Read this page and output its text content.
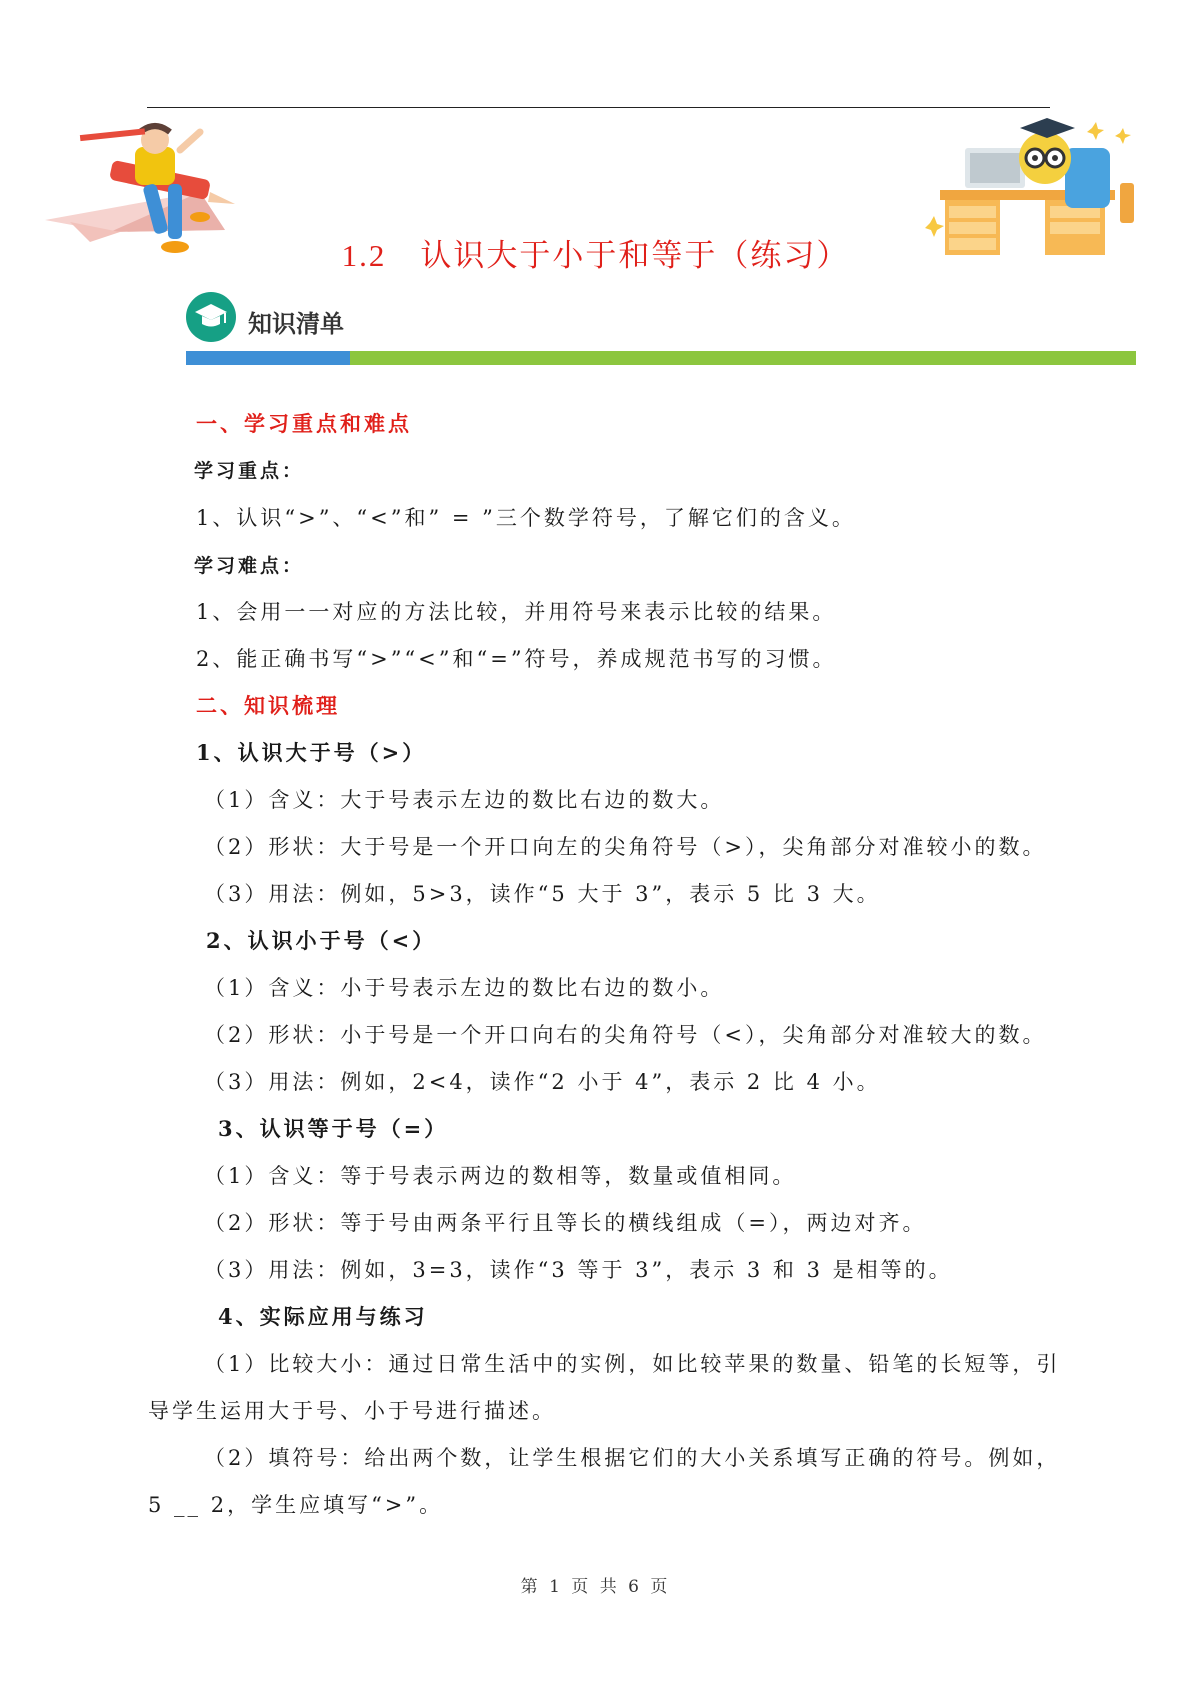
1.2 认识大于小于和等于（练习）
知识清单
一、学习重点和难点
学习重点：
1、认识“>”、“<”和” = ”三个数学符号，了解它们的含义。
学习难点：
1、会用一一对应的方法比较，并用符号来表示比较的结果。
2、能正确书写“>”“<”和“=”符号，养成规范书写的习惯。
二、知识梳理
1、认识大于号（>）
（1）含义：大于号表示左边的数比右边的数大。
（2）形状：大于号是一个开口向左的尖角符号（>），尖角部分对准较小的数。
（3）用法：例如，5>3，读作“5 大于 3”，表示 5 比 3 大。
2、认识小于号（<）
（1）含义：小于号表示左边的数比右边的数小。
（2）形状：小于号是一个开口向右的尖角符号（<），尖角部分对准较大的数。
（3）用法：例如，2<4，读作“2 小于 4”，表示 2 比 4 小。
3、认识等于号（=）
（1）含义：等于号表示两边的数相等，数量或值相同。
（2）形状：等于号由两条平行且等长的横线组成（=），两边对齐。
（3）用法：例如，3=3，读作“3 等于 3”，表示 3 和 3 是相等的。
4、实际应用与练习
（1）比较大小：通过日常生活中的实例，如比较苹果的数量、铅笔的长短等，引
导学生运用大于号、小于号进行描述。
（2）填符号：给出两个数，让学生根据它们的大小关系填写正确的符号。例如，
5 __ 2，学生应填写“>”。
第 1 页 共 6 页
